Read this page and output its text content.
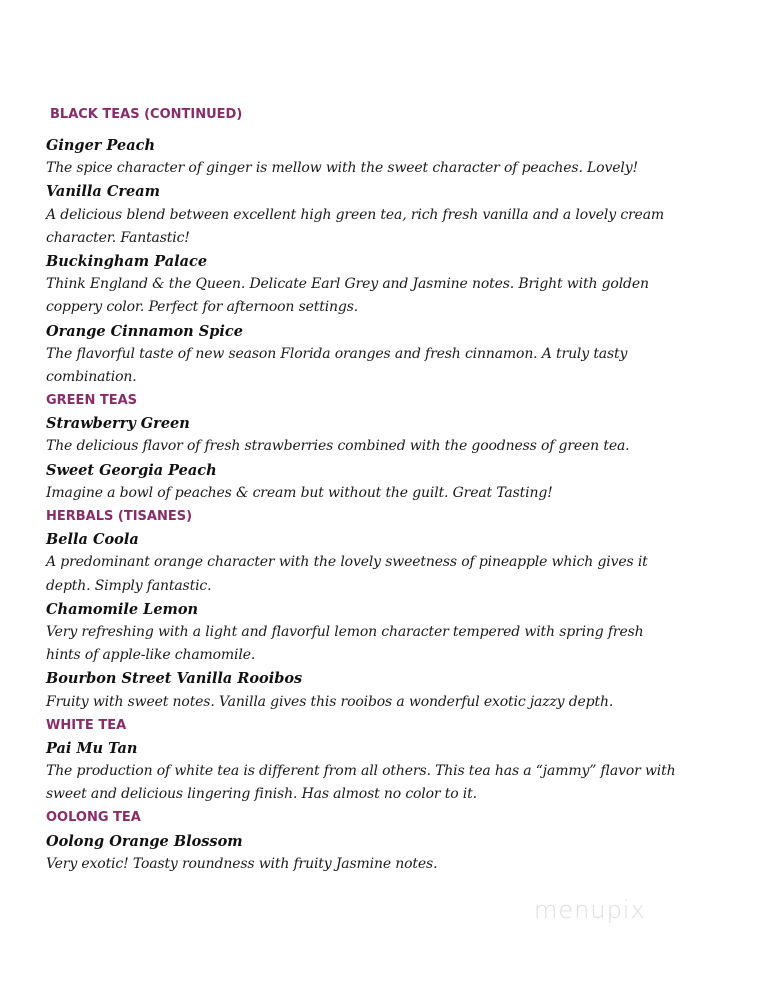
BLACK TEAS (CONTINUED)
Ginger Peach
The spice character of ginger is mellow with the sweet character of peaches. Lovely!
Vanilla Cream
A delicious blend between excellent high green tea, rich fresh vanilla and a lovely cream
character. Fantastic!
Buckingham Palace
Think England & the Queen. Delicate Earl Grey and Jasmine notes. Bright with golden
coppery color. Perfect for afternoon settings.
Orange Cinnamon Spice
The flavorful taste of new season Florida oranges and fresh cinnamon. A truly tasty
combination.
GREEN TEAS
Strawberry Green
The delicious flavor of fresh strawberries combined with the goodness of green tea.
Sweet Georgia Peach
Imagine a bowl of peaches & cream but without the guilt. Great Tasting!
HERBALS (TISANES)
Bella Coola
A predominant orange character with the lovely sweetness of pineapple which gives it
depth. Simply fantastic.
Chamomile Lemon
Very refreshing with a light and flavorful lemon character tempered with spring fresh
hints of apple-like chamomile.
Bourbon Street Vanilla Rooibos
Fruity with sweet notes. Vanilla gives this rooibos a wonderful exotic jazzy depth.
WHITE TEA
Pai Mu Tan
The production of white tea is different from all others. This tea has a “jammy” flavor with
sweet and delicious lingering finish. Has almost no color to it.
OOLONG TEA
Oolong Orange Blossom
Very exotic! Toasty roundness with fruity Jasmine notes.
menupix
